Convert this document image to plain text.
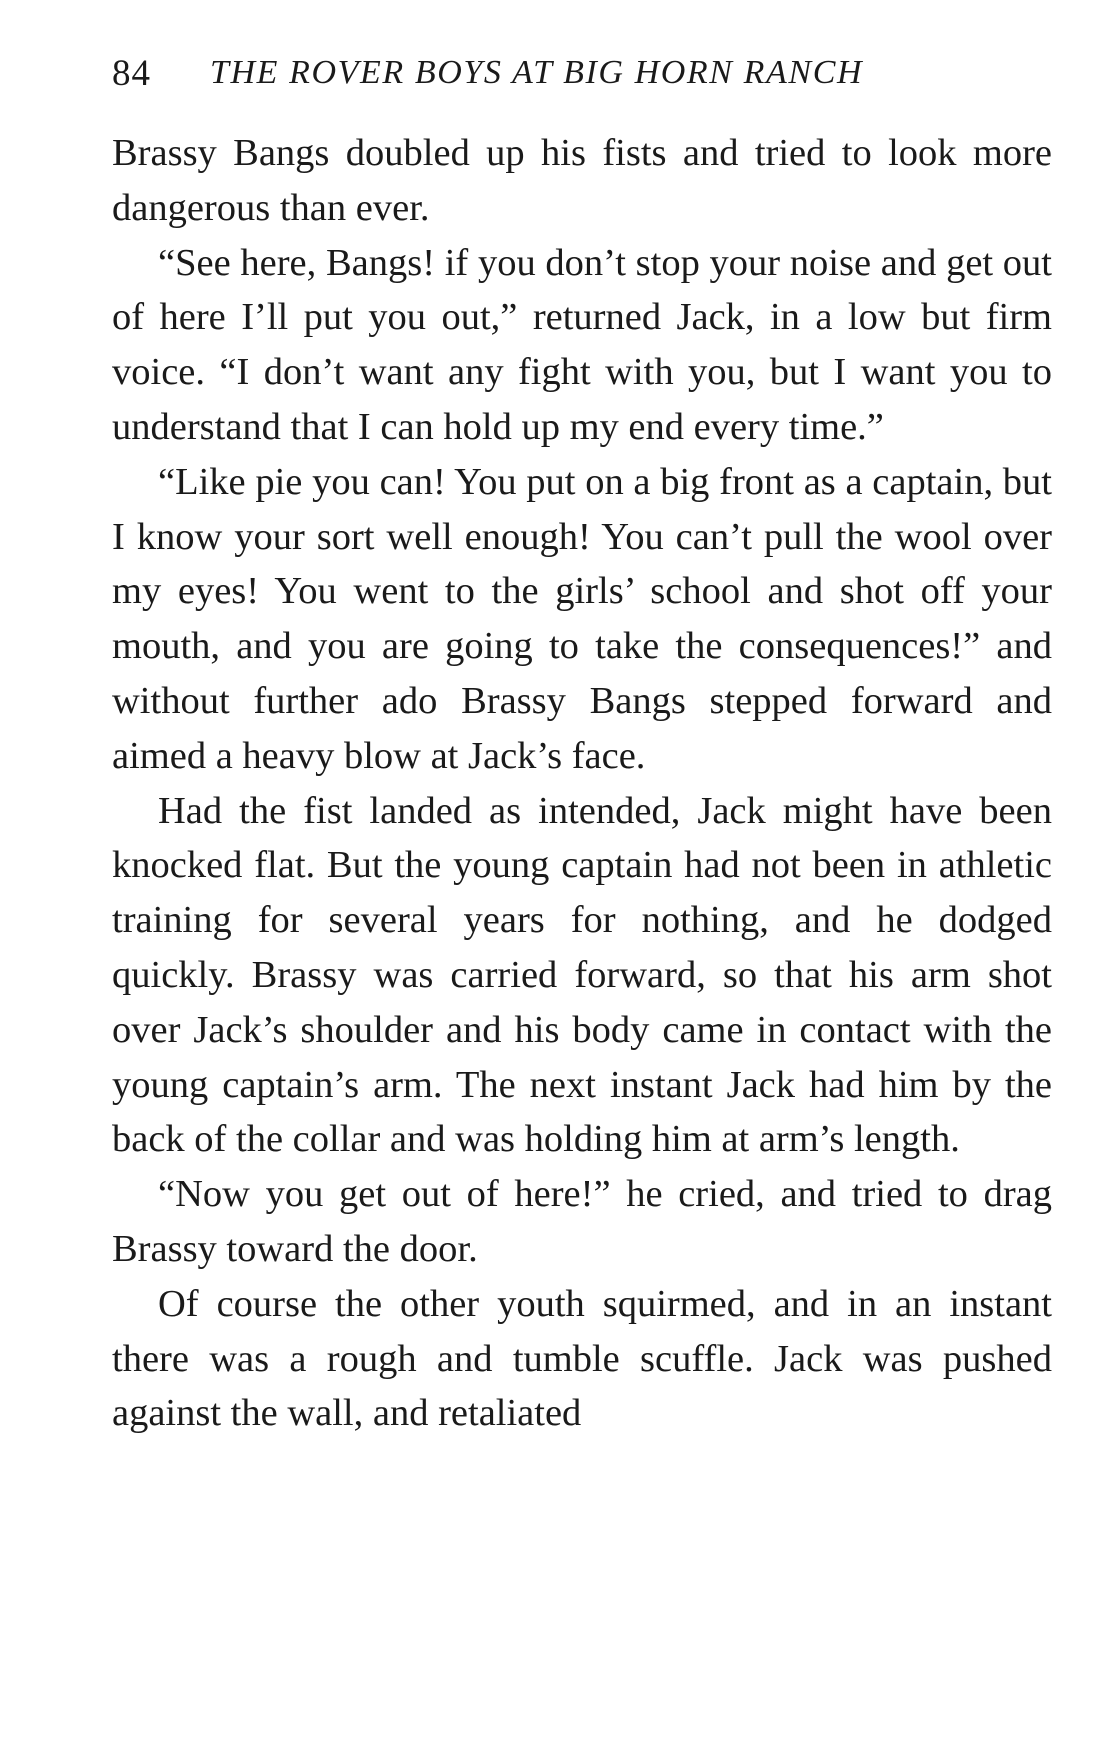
84 THE ROVER BOYS AT BIG HORN RANCH

Brassy Bangs doubled up his fists and tried to look more dangerous than ever.

“See here, Bangs! if you don’t stop your noise and get out of here I’ll put you out,” returned Jack, in a low but firm voice. “I don’t want any fight with you, but I want you to understand that I can hold up my end every time.”

“Like pie you can! You put on a big front as a captain, but I know your sort well enough! You can’t pull the wool over my eyes! You went to the girls’ school and shot off your mouth, and you are going to take the consequences!” and without further ado Brassy Bangs stepped forward and aimed a heavy blow at Jack’s face.

Had the fist landed as intended, Jack might have been knocked flat. But the young captain had not been in athletic training for several years for nothing, and he dodged quickly. Brassy was carried forward, so that his arm shot over Jack’s shoulder and his body came in contact with the young captain’s arm. The next instant Jack had him by the back of the collar and was holding him at arm’s length.

“Now you get out of here!” he cried, and tried to drag Brassy toward the door.

Of course the other youth squirmed, and in an instant there was a rough and tumble scuffle. Jack was pushed against the wall, and retaliated
